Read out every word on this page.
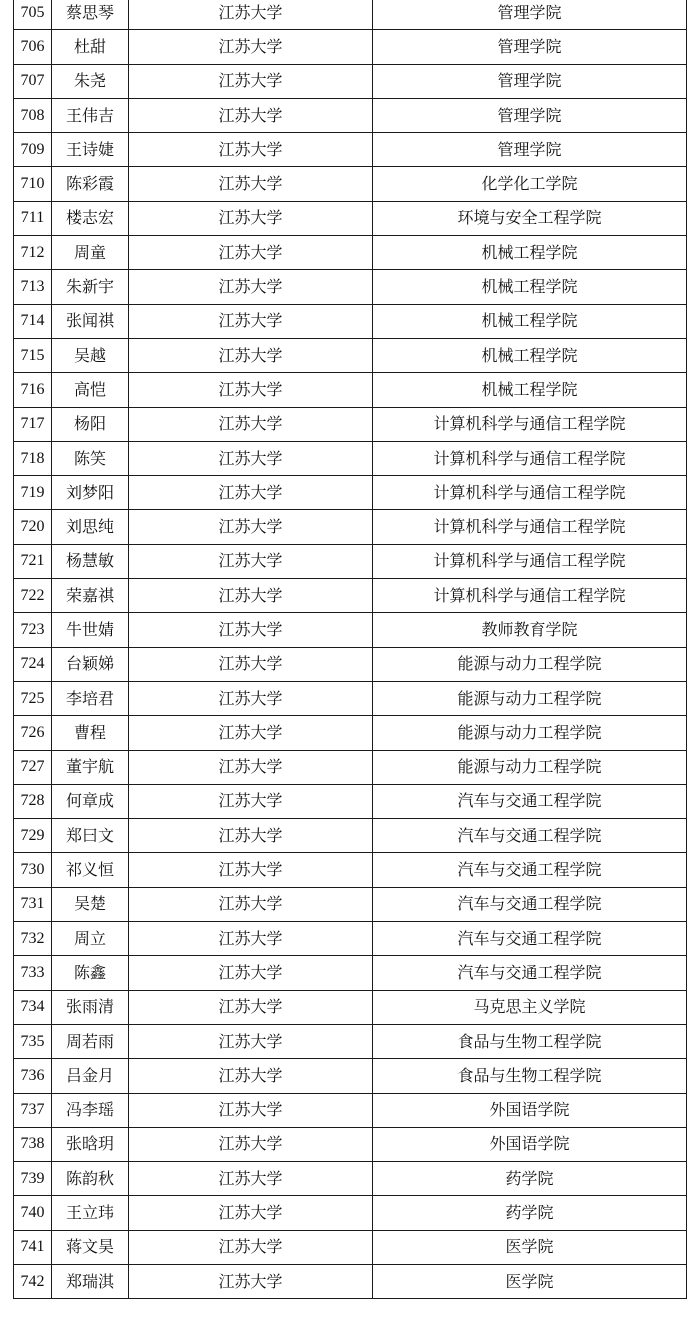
705	蔡思琴	江苏大学	管理学院
706	杜甜	江苏大学	管理学院
707	朱尧	江苏大学	管理学院
708	王伟吉	江苏大学	管理学院
709	王诗婕	江苏大学	管理学院
710	陈彩霞	江苏大学	化学化工学院
711	楼志宏	江苏大学	环境与安全工程学院
712	周童	江苏大学	机械工程学院
713	朱新宇	江苏大学	机械工程学院
714	张闻祺	江苏大学	机械工程学院
715	吴越	江苏大学	机械工程学院
716	高恺	江苏大学	机械工程学院
717	杨阳	江苏大学	计算机科学与通信工程学院
718	陈笑	江苏大学	计算机科学与通信工程学院
719	刘梦阳	江苏大学	计算机科学与通信工程学院
720	刘思纯	江苏大学	计算机科学与通信工程学院
721	杨慧敏	江苏大学	计算机科学与通信工程学院
722	荣嘉祺	江苏大学	计算机科学与通信工程学院
723	牛世婧	江苏大学	教师教育学院
724	台颖娣	江苏大学	能源与动力工程学院
725	李培君	江苏大学	能源与动力工程学院
726	曹程	江苏大学	能源与动力工程学院
727	董宇航	江苏大学	能源与动力工程学院
728	何章成	江苏大学	汽车与交通工程学院
729	郑曰文	江苏大学	汽车与交通工程学院
730	祁义恒	江苏大学	汽车与交通工程学院
731	吴楚	江苏大学	汽车与交通工程学院
732	周立	江苏大学	汽车与交通工程学院
733	陈鑫	江苏大学	汽车与交通工程学院
734	张雨清	江苏大学	马克思主义学院
735	周若雨	江苏大学	食品与生物工程学院
736	吕金月	江苏大学	食品与生物工程学院
737	冯李瑶	江苏大学	外国语学院
738	张晗玥	江苏大学	外国语学院
739	陈韵秋	江苏大学	药学院
740	王立玮	江苏大学	药学院
741	蒋文昊	江苏大学	医学院
742	郑瑞淇	江苏大学	医学院
